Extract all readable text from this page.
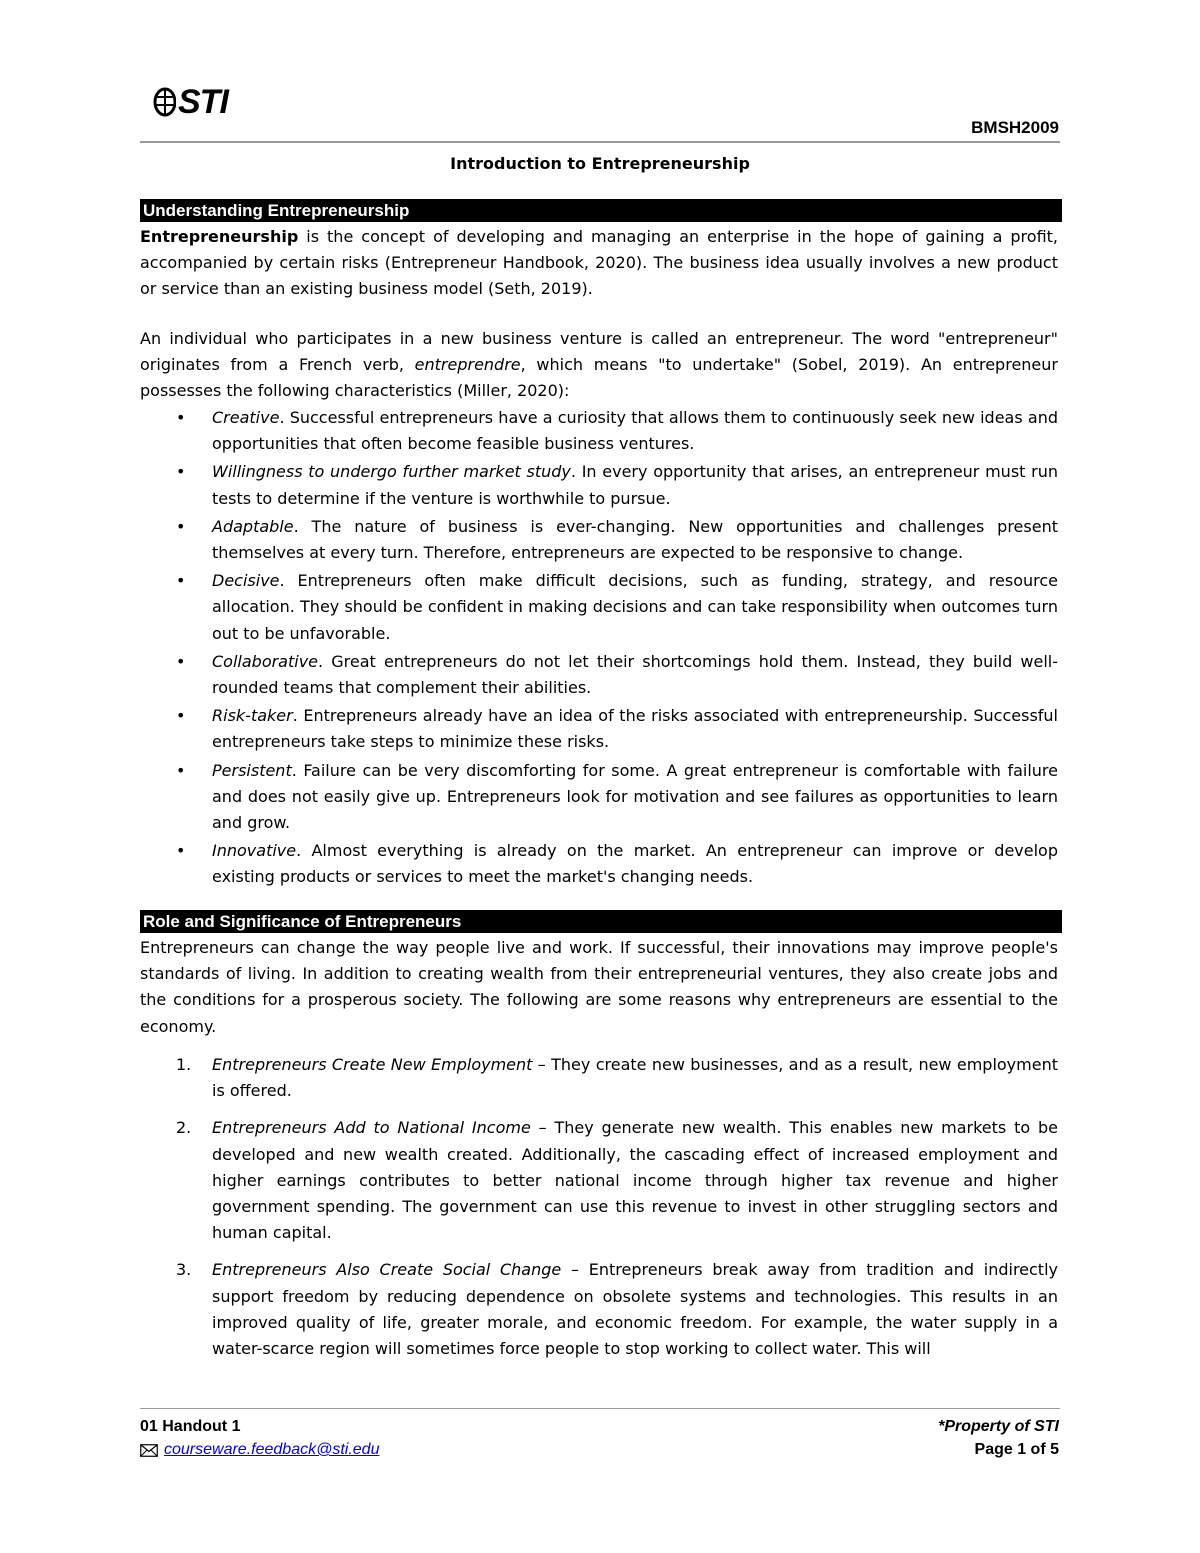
STI
BMSH2009
Introduction to Entrepreneurship
Understanding Entrepreneurship

Entrepreneurship is the concept of developing and managing an enterprise in the hope of gaining a profit, accompanied by certain risks (Entrepreneur Handbook, 2020). The business idea usually involves a new product or service than an existing business model (Seth, 2019).

An individual who participates in a new business venture is called an entrepreneur. The word "entrepreneur" originates from a French verb, entreprendre, which means "to undertake" (Sobel, 2019). An entrepreneur possesses the following characteristics (Miller, 2020):

• Creative. Successful entrepreneurs have a curiosity that allows them to continuously seek new ideas and opportunities that often become feasible business ventures.
• Willingness to undergo further market study. In every opportunity that arises, an entrepreneur must run tests to determine if the venture is worthwhile to pursue.
• Adaptable. The nature of business is ever-changing. New opportunities and challenges present themselves at every turn. Therefore, entrepreneurs are expected to be responsive to change.
• Decisive. Entrepreneurs often make difficult decisions, such as funding, strategy, and resource allocation. They should be confident in making decisions and can take responsibility when outcomes turn out to be unfavorable.
• Collaborative. Great entrepreneurs do not let their shortcomings hold them. Instead, they build well-rounded teams that complement their abilities.
• Risk-taker. Entrepreneurs already have an idea of the risks associated with entrepreneurship. Successful entrepreneurs take steps to minimize these risks.
• Persistent. Failure can be very discomforting for some. A great entrepreneur is comfortable with failure and does not easily give up. Entrepreneurs look for motivation and see failures as opportunities to learn and grow.
• Innovative. Almost everything is already on the market. An entrepreneur can improve or develop existing products or services to meet the market's changing needs.
Role and Significance of Entrepreneurs

Entrepreneurs can change the way people live and work. If successful, their innovations may improve people's standards of living. In addition to creating wealth from their entrepreneurial ventures, they also create jobs and the conditions for a prosperous society. The following are some reasons why entrepreneurs are essential to the economy.

1. Entrepreneurs Create New Employment – They create new businesses, and as a result, new employment is offered.
2. Entrepreneurs Add to National Income – They generate new wealth. This enables new markets to be developed and new wealth created. Additionally, the cascading effect of increased employment and higher earnings contributes to better national income through higher tax revenue and higher government spending. The government can use this revenue to invest in other struggling sectors and human capital.
3. Entrepreneurs Also Create Social Change – Entrepreneurs break away from tradition and indirectly support freedom by reducing dependence on obsolete systems and technologies. This results in an improved quality of life, greater morale, and economic freedom. For example, the water supply in a water-scarce region will sometimes force people to stop working to collect water. This will
01 Handout 1	*Property of STI
courseware.feedback@sti.edu	Page 1 of 5
